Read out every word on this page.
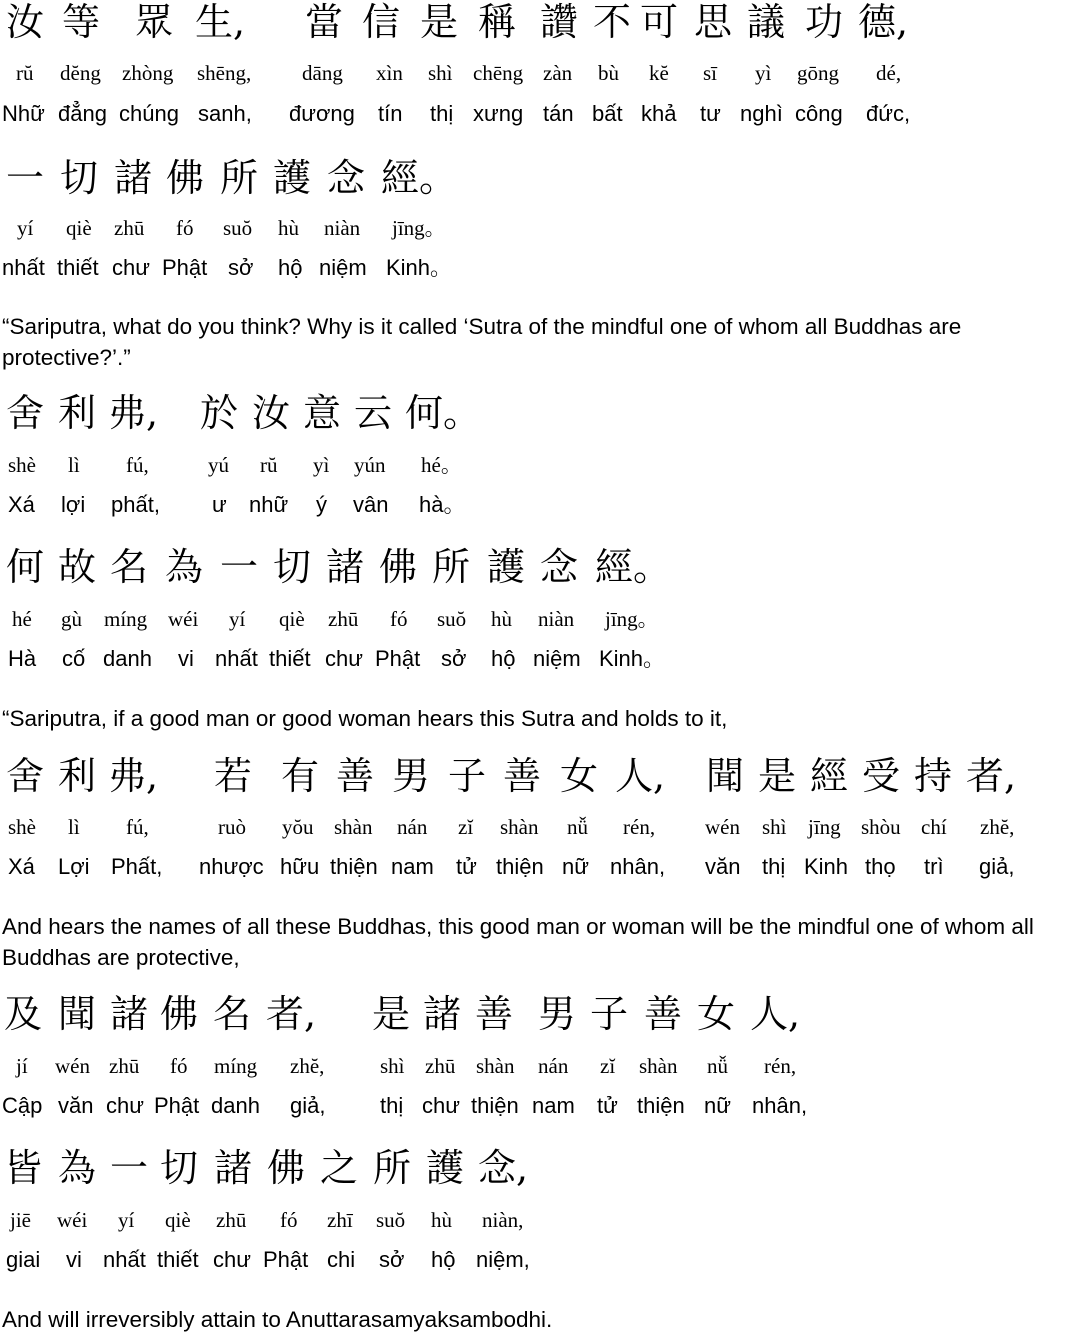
汝 等 眾 生, 當 信 是 稱 讚 不 可 思 議 功 德,
rŭ dĕng zhòng shēng, dāng xìn shì chēng zàn bù kĕ sī yì gōng dé,
Nhữ đẳng chúng sanh, đương tín thị xưng tán bất khả tư nghì công đức,
一 切 諸 佛 所 護 念 經。
yí qiè zhū fó suŏ hù niàn jīng。
nhất thiết chư Phật sở hộ niệm Kinh。

“Sariputra, what do you think? Why is it called ‘Sutra of the mindful one of whom all Buddhas are protective?’.”

舍 利 弗, 於 汝 意 云 何。
shè lì fú,	yú rŭ yì yún hé。
Xá lợi phất, ư nhữ ý vân hà。
何 故 名 為 一 切 諸 佛 所 護 念 經。
hé gù míng wéi yí qiè zhū fó suŏ hù niàn jīng。
Hà cố danh vi nhất thiết chư Phật sở hộ niệm Kinh。

“Sariputra, if a good man or good woman hears this Sutra and holds to it,

舍 利 弗, 若 有 善 男 子 善 女 人, 聞 是 經 受 持 者,
shè lì fú,	ruò yŏu shàn nán zĭ shàn nǚ rén, wén shì jīng shòu chí zhĕ,
Xá Lợi Phất, nhược hữu thiện nam tử thiện nữ nhân, văn thị Kinh thọ trì giả,

And hears the names of all these Buddhas, this good man or woman will be the mindful one of whom all Buddhas are protective,

及 聞 諸 佛 名 者, 是 諸 善 男 子 善 女 人,
jí wén zhū fó míng zhĕ,	shì zhū shàn nán zĭ shàn nǚ rén,
Cập văn chư Phật danh giả, thị chư thiện nam tử thiện nữ nhân,
皆 為 一 切 諸 佛 之 所 護 念,
jiē wéi yí qiè zhū fó zhī suŏ hù niàn,
giai vi nhất thiết chư Phật chi sở hộ niệm,

And will irreversibly attain to Anuttarasamyaksambodhi.
